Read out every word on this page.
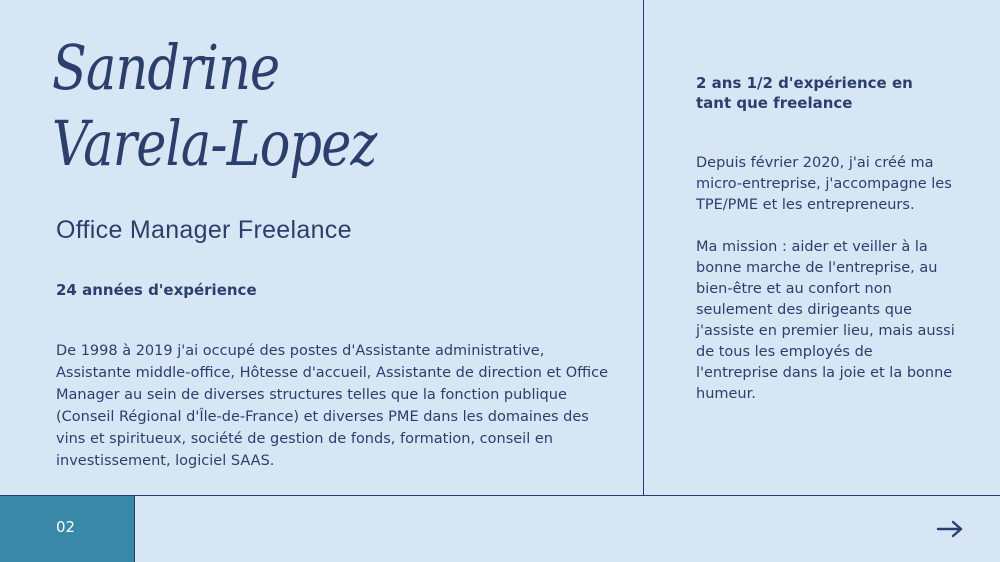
Sandrine
Varela-Lopez
Office Manager Freelance
24 années d'expérience
De 1998 à 2019 j'ai occupé des postes d'Assistante administrative, Assistante middle-office, Hôtesse d'accueil, Assistante de direction et Office Manager au sein de diverses structures telles que la fonction publique (Conseil Régional d'Île-de-France) et diverses PME dans les domaines des vins et spiritueux, société de gestion de fonds, formation, conseil en investissement, logiciel SAAS.
2 ans 1/2 d'expérience en tant que freelance

Depuis février 2020, j'ai créé ma micro-entreprise, j'accompagne les TPE/PME et les entrepreneurs.

Ma mission : aider et veiller à la bonne marche de l'entreprise, au bien-être et au confort non seulement des dirigeants que j'assiste en premier lieu, mais aussi de tous les employés de l'entreprise dans la joie et la bonne humeur.

02
